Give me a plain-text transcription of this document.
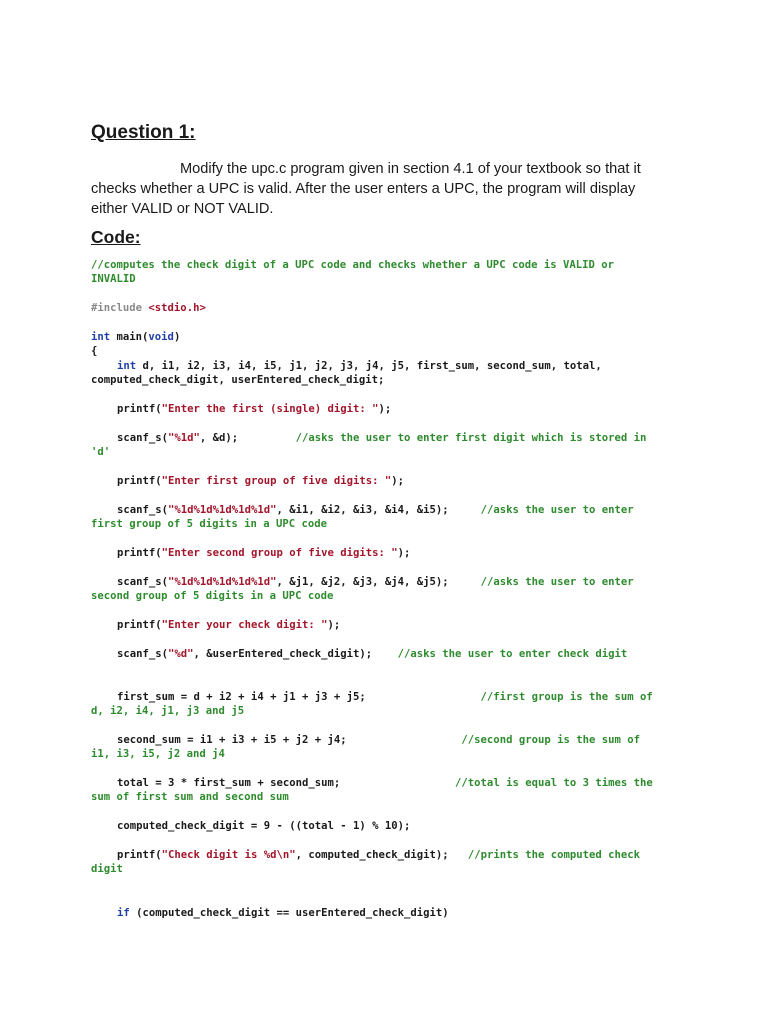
Question 1:

Modify the upc.c program given in section 4.1 of your textbook so that it
checks whether a UPC is valid. After the user enters a UPC, the program will display
either VALID or NOT VALID.

Code:
//computes the check digit of a UPC code and checks whether a UPC code is VALID or
INVALID
#include <stdio.h>
int main(void)
{
int d, i1, i2, i3, i4, i5, j1, j2, j3, j4, j5, first_sum, second_sum, total,
computed_check_digit, userEntered_check_digit;
printf("Enter the first (single) digit: ");
scanf_s("%1d", &d);         //asks the user to enter first digit which is stored in
'd'
printf("Enter first group of five digits: ");
scanf_s("%1d%1d%1d%1d%1d", &i1, &i2, &i3, &i4, &i5);     //asks the user to enter
first group of 5 digits in a UPC code
printf("Enter second group of five digits: ");
scanf_s("%1d%1d%1d%1d%1d", &j1, &j2, &j3, &j4, &j5);     //asks the user to enter
second group of 5 digits in a UPC code
printf("Enter your check digit: ");
scanf_s("%d", &userEntered_check_digit);    //asks the user to enter check digit
first_sum = d + i2 + i4 + j1 + j3 + j5;                  //first group is the sum of
d, i2, i4, j1, j3 and j5
second_sum = i1 + i3 + i5 + j2 + j4;                  //second group is the sum of
i1, i3, i5, j2 and j4
total = 3 * first_sum + second_sum;                  //total is equal to 3 times the
sum of first sum and second sum
computed_check_digit = 9 - ((total - 1) % 10);
printf("Check digit is %d\n", computed_check_digit);   //prints the computed check
digit
if (computed_check_digit == userEntered_check_digit)
